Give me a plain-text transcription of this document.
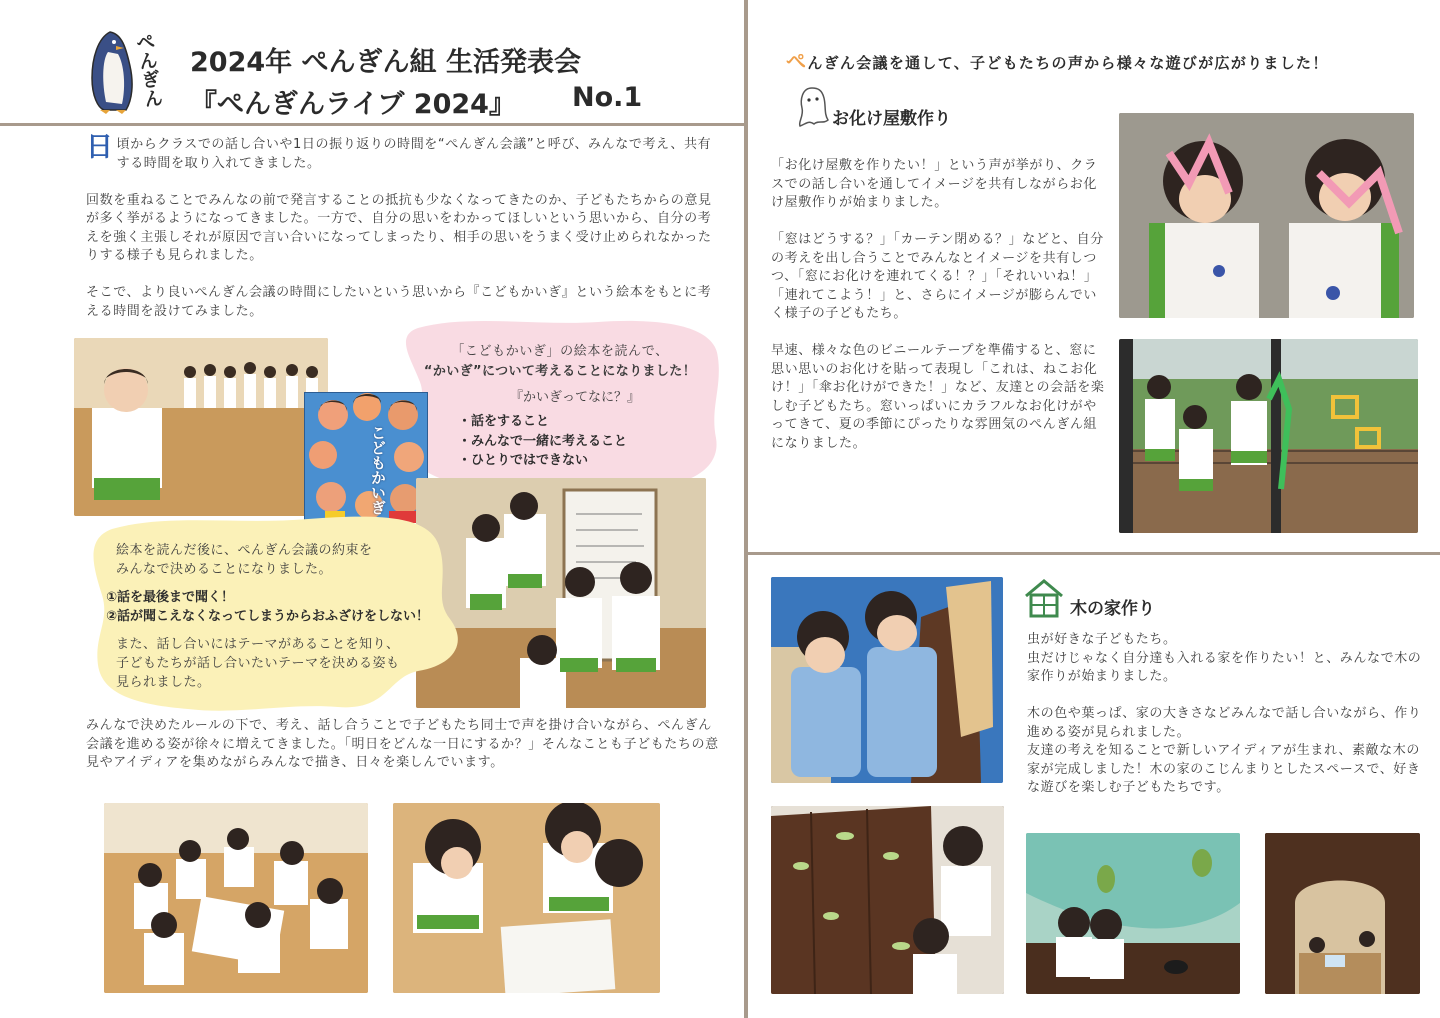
ぺんぎん 2024年 ぺんぎん組 生活発表会
『ぺんぎんライブ 2024』 No.1

日 頃からクラスでの話し合いや1日の振り返りの時間を“ぺんぎん会議”と呼び、みんなで考え、共有する時間を取り入れてきました。

回数を重ねることでみんなの前で発言することの抵抗も少なくなってきたのか、子どもたちからの意見が多く挙がるようになってきました。一方で、自分の思いをわかってほしいという思いから、自分の考えを強く主張しそれが原因で言い合いになってしまったり、相手の思いをうまく受け止められなかったりする様子も見られました。

そこで、より良いぺんぎん会議の時間にしたいという思いから『こどもかいぎ』という絵本をもとに考える時間を設けてみました。

「こどもかいぎ」の絵本を読んで、
“かいぎ”について考えることになりました！
『かいぎってなに？』
・話をすること
・みんなで一緒に考えること
・ひとりではできない
こどもかいぎ
絵本を読んだ後に、ぺんぎん会議の約束を
みんなで決めることになりました。
①話を最後まで聞く！
②話が聞こえなくなってしまうからおふざけをしない！
また、話し合いにはテーマがあることを知り、
子どもたちが話し合いたいテーマを決める姿も
見られました。

みんなで決めたルールの下で、考え、話し合うことで子どもたち同士で声を掛け合いながら、ぺんぎん会議を進める姿が徐々に増えてきました。「明日をどんな一日にするか？」そんなことも子どもたちの意見やアイディアを集めながらみんなで描き、日々を楽しんでいます。

ぺんぎん会議を通して、子どもたちの声から様々な遊びが広がりました！
お化け屋敷作り

「お化け屋敷を作りたい！」という声が挙がり、クラスでの話し合いを通してイメージを共有しながらお化け屋敷作りが始まりました。

「窓はどうする？」「カーテン閉める？」などと、自分の考えを出し合うことでみんなとイメージを共有しつつ、「窓にお化けを連れてくる！？」「それいいね！」「連れてこよう！」と、さらにイメージが膨らんでいく様子の子どもたち。

早速、様々な色のビニールテープを準備すると、窓に思い思いのお化けを貼って表現し「これは、ねこお化け！」「傘お化けができた！」など、友達との会話を楽しむ子どもたち。窓いっぱいにカラフルなお化けがやってきて、夏の季節にぴったりな雰囲気のぺんぎん組になりました。

木の家作り
虫が好きな子どもたち。

虫だけじゃなく自分達も入れる家を作りたい！と、みんなで木の家作りが始まりました。

木の色や葉っぱ、家の大きさなどみんなで話し合いながら、作り進める姿が見られました。
友達の考えを知ることで新しいアイディアが生まれ、素敵な木の家が完成しました！木の家のこじんまりとしたスペースで、好きな遊びを楽しむ子どもたちです。
